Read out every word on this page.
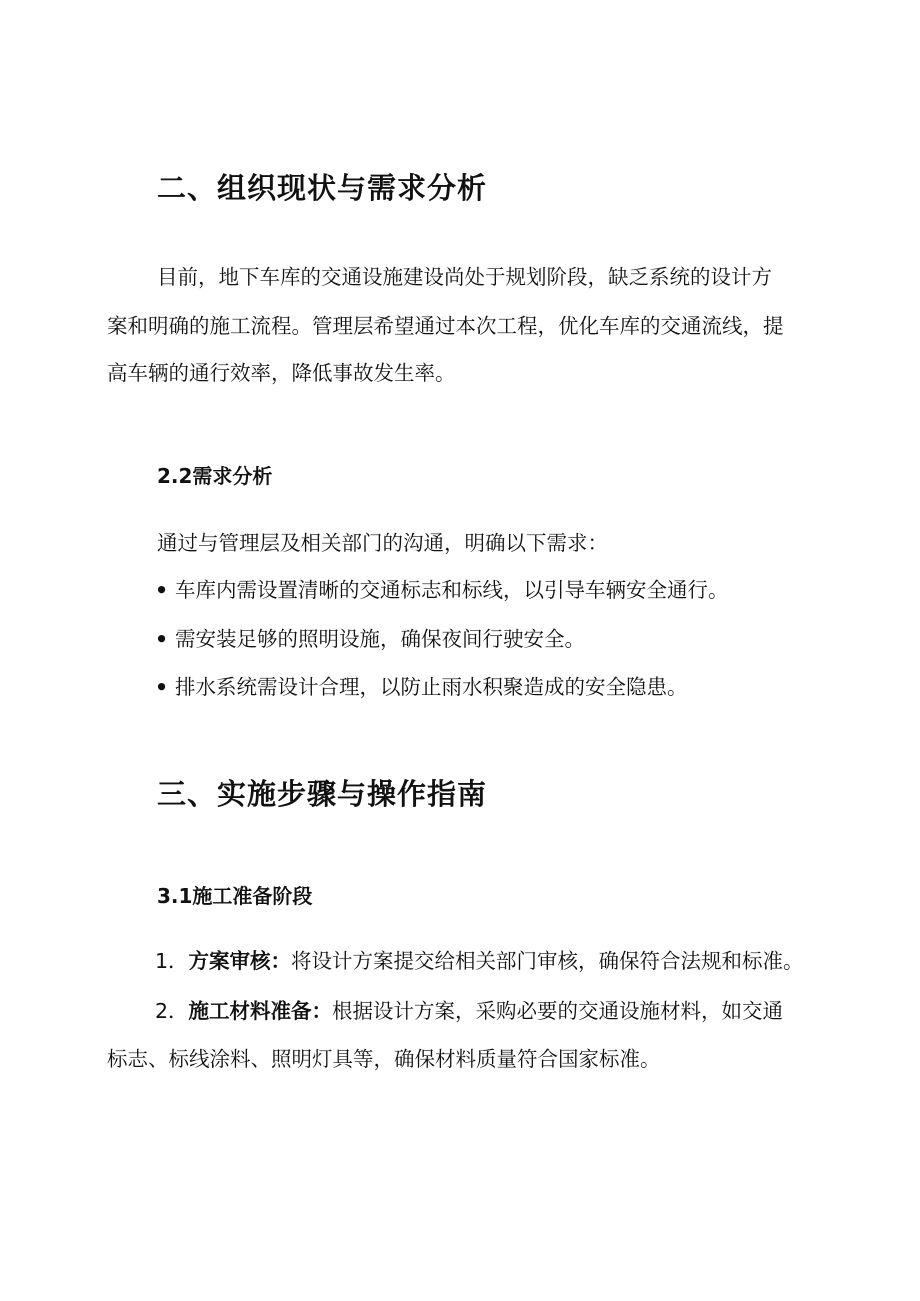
二、组织现状与需求分析
目前，地下车库的交通设施建设尚处于规划阶段，缺乏系统的设计方
案和明确的施工流程。管理层希望通过本次工程，优化车库的交通流线，提
高车辆的通行效率，降低事故发生率。
2.2需求分析
通过与管理层及相关部门的沟通，明确以下需求：
• 车库内需设置清晰的交通标志和标线，以引导车辆安全通行。
• 需安装足够的照明设施，确保夜间行驶安全。
• 排水系统需设计合理，以防止雨水积聚造成的安全隐患。
三、实施步骤与操作指南
3.1施工准备阶段
1．方案审核：将设计方案提交给相关部门审核，确保符合法规和标准。
2．施工材料准备：根据设计方案，采购必要的交通设施材料，如交通
标志、标线涂料、照明灯具等，确保材料质量符合国家标准。
